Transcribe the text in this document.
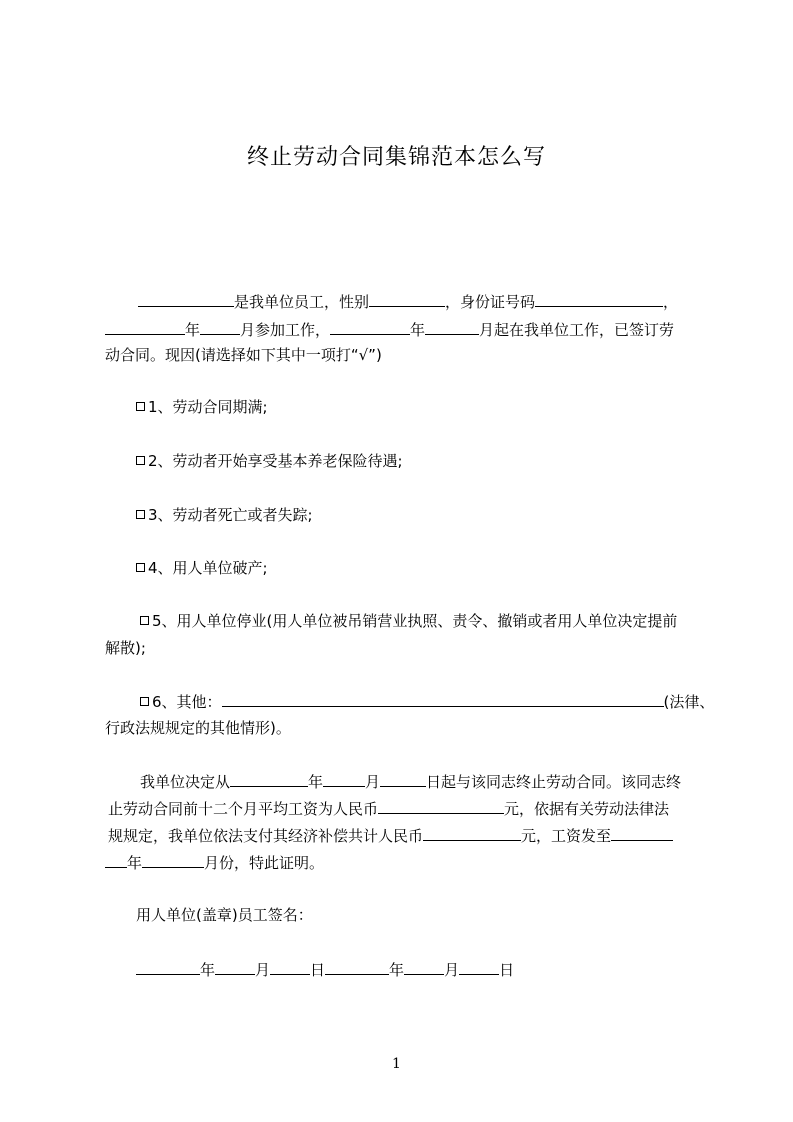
终止劳动合同集锦范本怎么写
是我单位员工，性别	，身份证号码	，
年	月参加工作，	年	月起在我单位工作，已签订劳
动合同。现因(请选择如下其中一项打“√”)
1、劳动合同期满;
2、劳动者开始享受基本养老保险待遇;
3、劳动者死亡或者失踪;
4、用人单位破产;
5、用人单位停业(用人单位被吊销营业执照、责令、撤销或者用人单位决定提前
解散);
6、其他：	(法律、
行政法规规定的其他情形)。
我单位决定从	年	月	日起与该同志终止劳动合同。该同志终
止劳动合同前十二个月平均工资为人民币	元，依据有关劳动法律法
规规定，我单位依法支付其经济补偿共计人民币	元，工资发至
年	月份，特此证明。
用人单位(盖章)员工签名：
年	月	日	年	月	日
1
